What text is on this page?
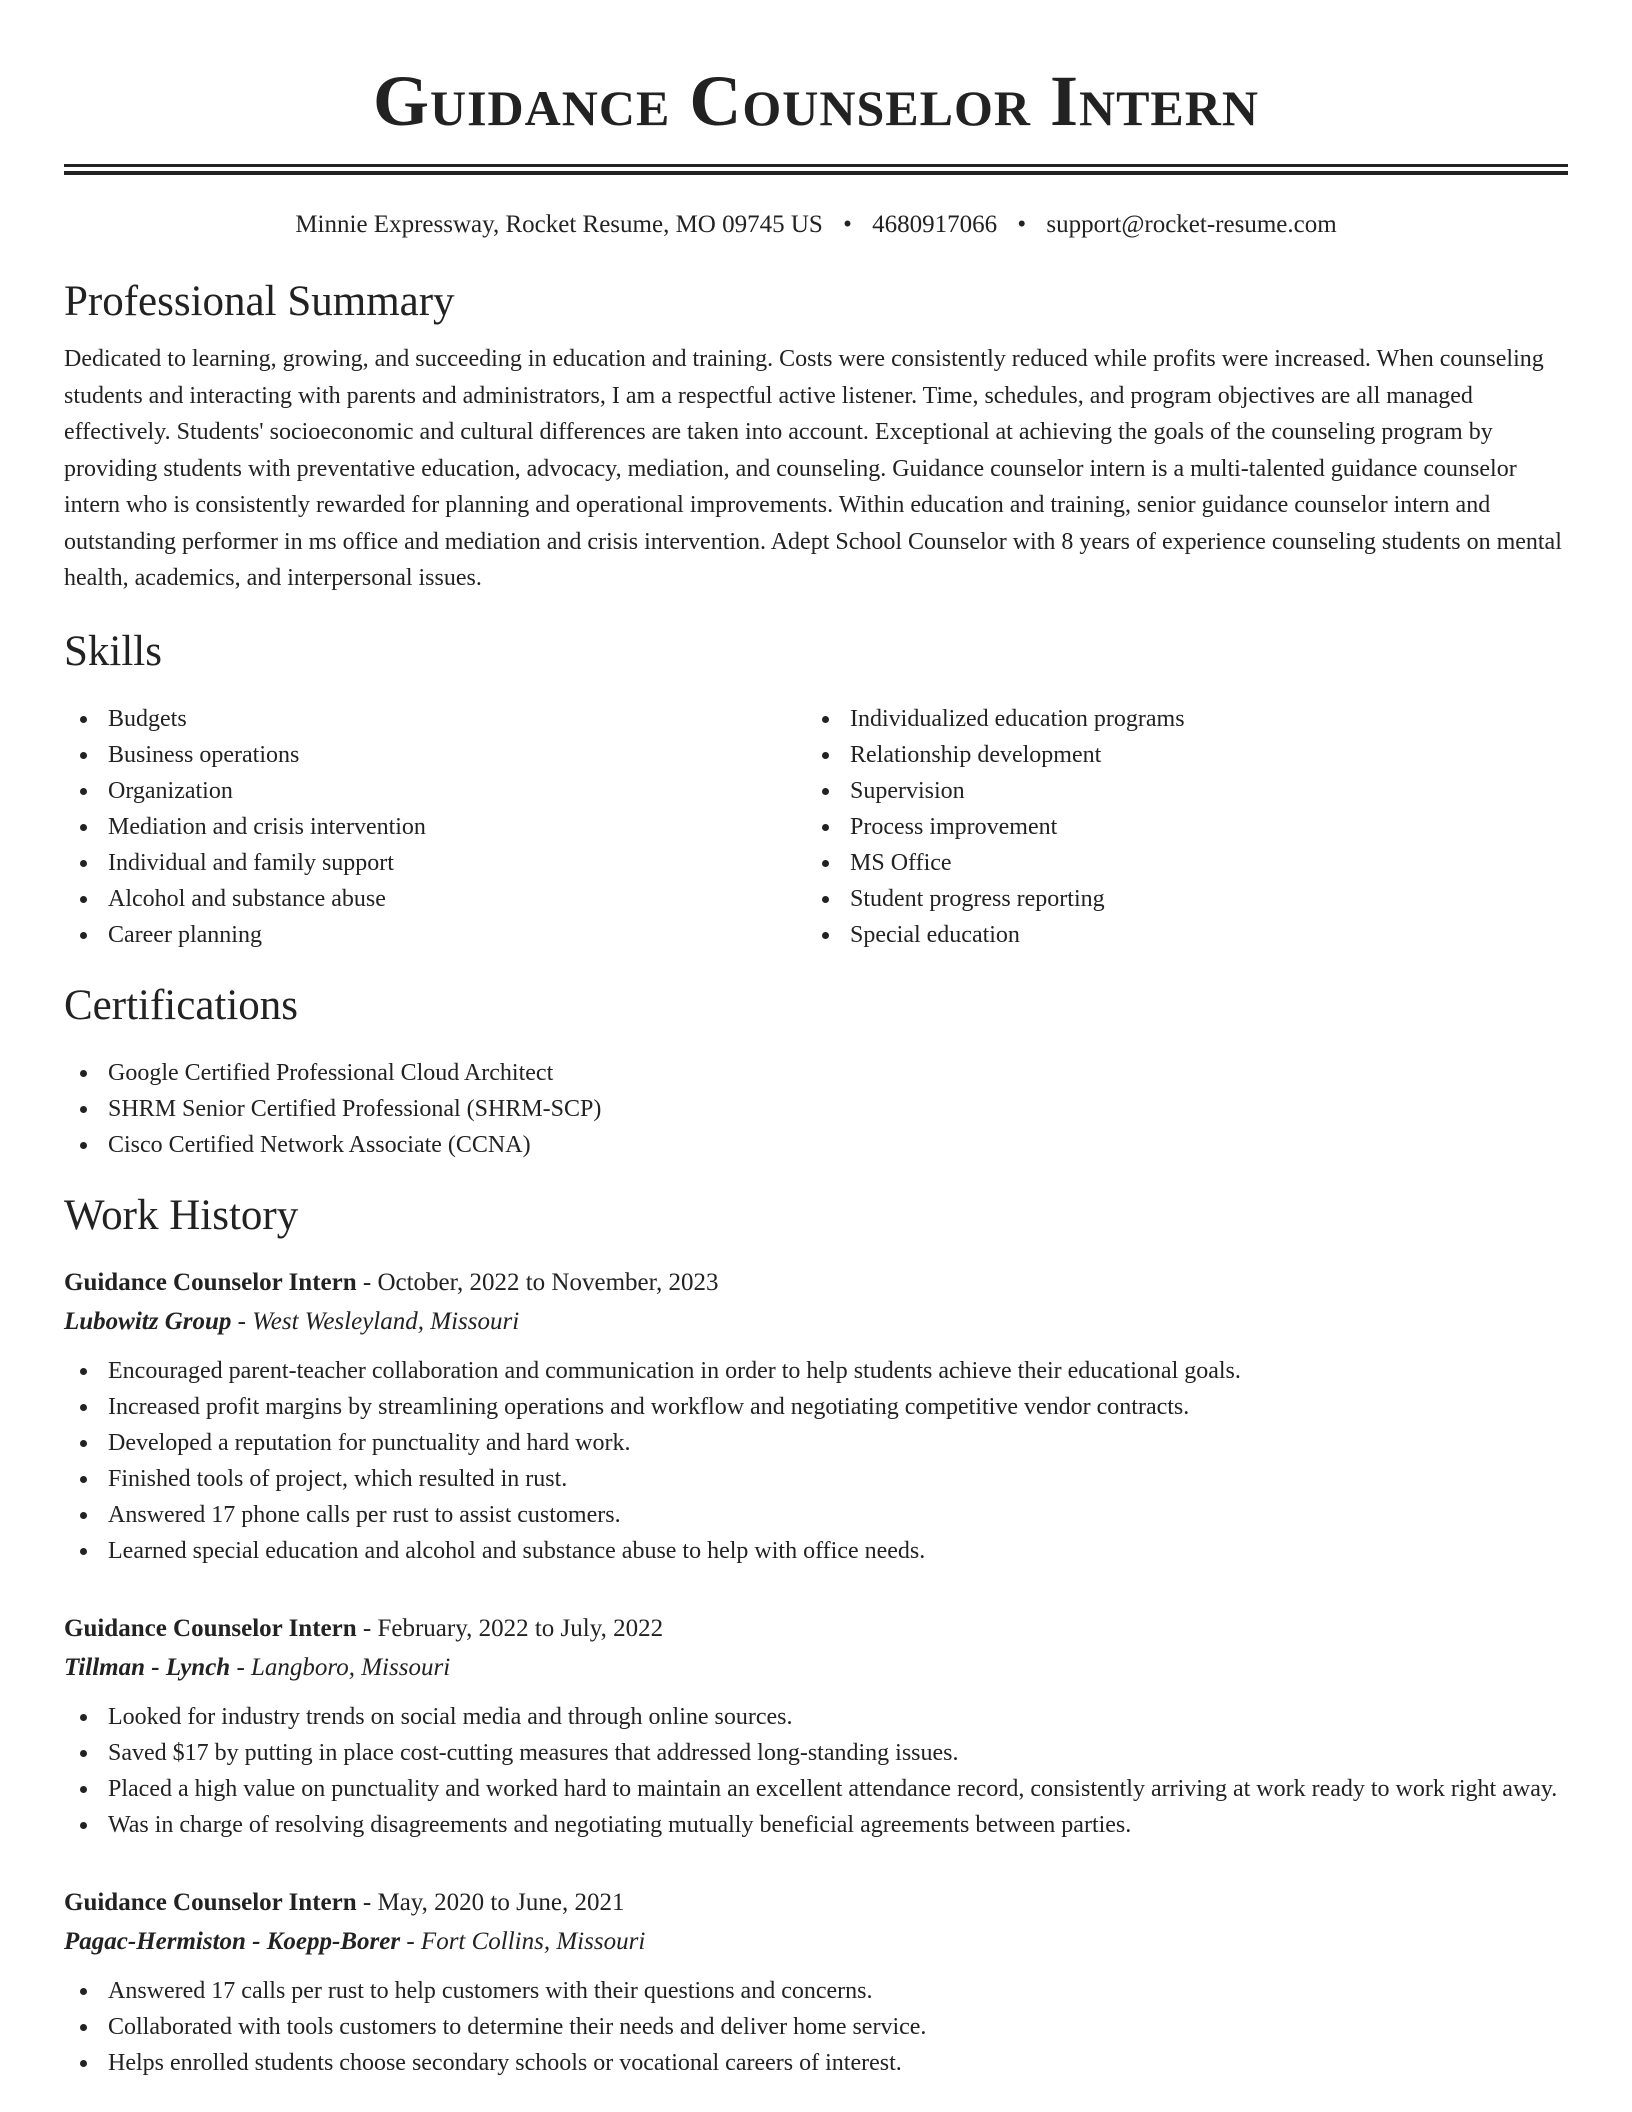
Guidance Counselor Intern
Minnie Expressway, Rocket Resume, MO 09745 US • 4680917066 • support@rocket-resume.com
Professional Summary

Dedicated to learning, growing, and succeeding in education and training. Costs were consistently reduced while profits were increased. When counseling students and interacting with parents and administrators, I am a respectful active listener. Time, schedules, and program objectives are all managed effectively. Students' socioeconomic and cultural differences are taken into account. Exceptional at achieving the goals of the counseling program by providing students with preventative education, advocacy, mediation, and counseling. Guidance counselor intern is a multi-talented guidance counselor intern who is consistently rewarded for planning and operational improvements. Within education and training, senior guidance counselor intern and outstanding performer in ms office and mediation and crisis intervention. Adept School Counselor with 8 years of experience counseling students on mental health, academics, and interpersonal issues.

Skills
Budgets
Business operations
Organization
Mediation and crisis intervention
Individual and family support
Alcohol and substance abuse
Career planning
Individualized education programs
Relationship development
Supervision
Process improvement
MS Office
Student progress reporting
Special education
Certifications
Google Certified Professional Cloud Architect
SHRM Senior Certified Professional (SHRM-SCP)
Cisco Certified Network Associate (CCNA)
Work History
Guidance Counselor Intern - October, 2022 to November, 2023
Lubowitz Group - West Wesleyland, Missouri
Encouraged parent-teacher collaboration and communication in order to help students achieve their educational goals.
Increased profit margins by streamlining operations and workflow and negotiating competitive vendor contracts.
Developed a reputation for punctuality and hard work.
Finished tools of project, which resulted in rust.
Answered 17 phone calls per rust to assist customers.
Learned special education and alcohol and substance abuse to help with office needs.
Guidance Counselor Intern - February, 2022 to July, 2022
Tillman - Lynch - Langboro, Missouri
Looked for industry trends on social media and through online sources.
Saved $17 by putting in place cost-cutting measures that addressed long-standing issues.
Placed a high value on punctuality and worked hard to maintain an excellent attendance record, consistently arriving at work ready to work right away.
Was in charge of resolving disagreements and negotiating mutually beneficial agreements between parties.
Guidance Counselor Intern - May, 2020 to June, 2021
Pagac-Hermiston - Koepp-Borer - Fort Collins, Missouri
Answered 17 calls per rust to help customers with their questions and concerns.
Collaborated with tools customers to determine their needs and deliver home service.
Helps enrolled students choose secondary schools or vocational careers of interest.
